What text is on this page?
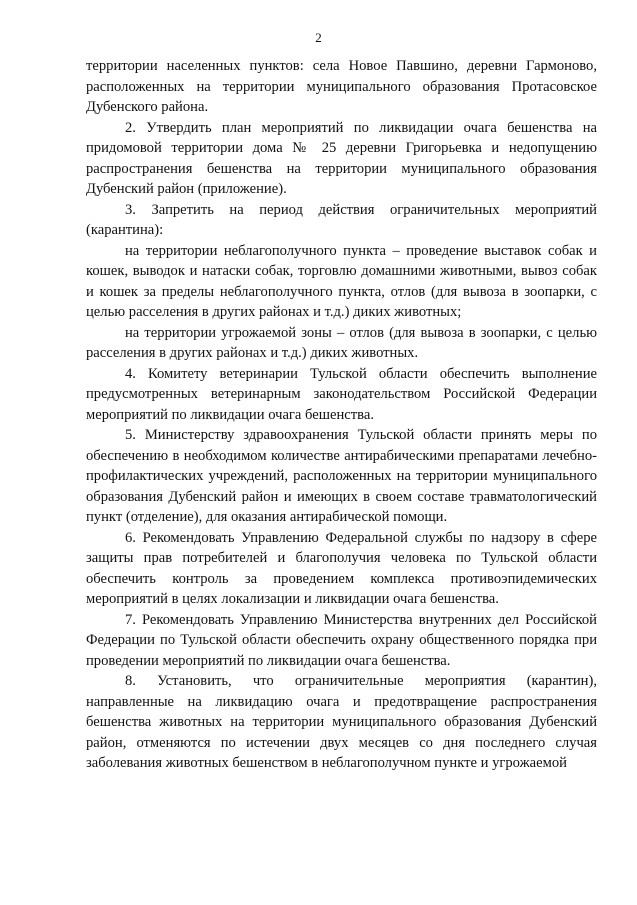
2

территории населенных пунктов: села Новое Павшино, деревни Гармоново, расположенных на территории муниципального образования Протасовское Дубенского района.

2. Утвердить план мероприятий по ликвидации очага бешенства на придомовой территории дома № 25 деревни Григорьевка и недопущению распространения бешенства на территории муниципального образования Дубенский район (приложение).

3. Запретить на период действия ограничительных мероприятий (карантина):

на территории неблагополучного пункта – проведение выставок собак и кошек, выводок и натаски собак, торговлю домашними животными, вывоз собак и кошек за пределы неблагополучного пункта, отлов (для вывоза в зоопарки, с целью расселения в других районах и т.д.) диких животных;

на территории угрожаемой зоны – отлов (для вывоза в зоопарки, с целью расселения в других районах и т.д.) диких животных.

4. Комитету ветеринарии Тульской области обеспечить выполнение предусмотренных ветеринарным законодательством Российской Федерации мероприятий по ликвидации очага бешенства.

5. Министерству здравоохранения Тульской области принять меры по обеспечению в необходимом количестве антирабическими препаратами лечебно-профилактических учреждений, расположенных на территории муниципального образования Дубенский район и имеющих в своем составе травматологический пункт (отделение), для оказания антирабической помощи.

6. Рекомендовать Управлению Федеральной службы по надзору в сфере защиты прав потребителей и благополучия человека по Тульской области обеспечить контроль за проведением комплекса противоэпидемических мероприятий в целях локализации и ликвидации очага бешенства.

7. Рекомендовать Управлению Министерства внутренних дел Российской Федерации по Тульской области обеспечить охрану общественного порядка при проведении мероприятий по ликвидации очага бешенства.

8. Установить, что ограничительные мероприятия (карантин), направленные на ликвидацию очага и предотвращение распространения бешенства животных на территории муниципального образования Дубенский район, отменяются по истечении двух месяцев со дня последнего случая заболевания животных бешенством в неблагополучном пункте и угрожаемой
